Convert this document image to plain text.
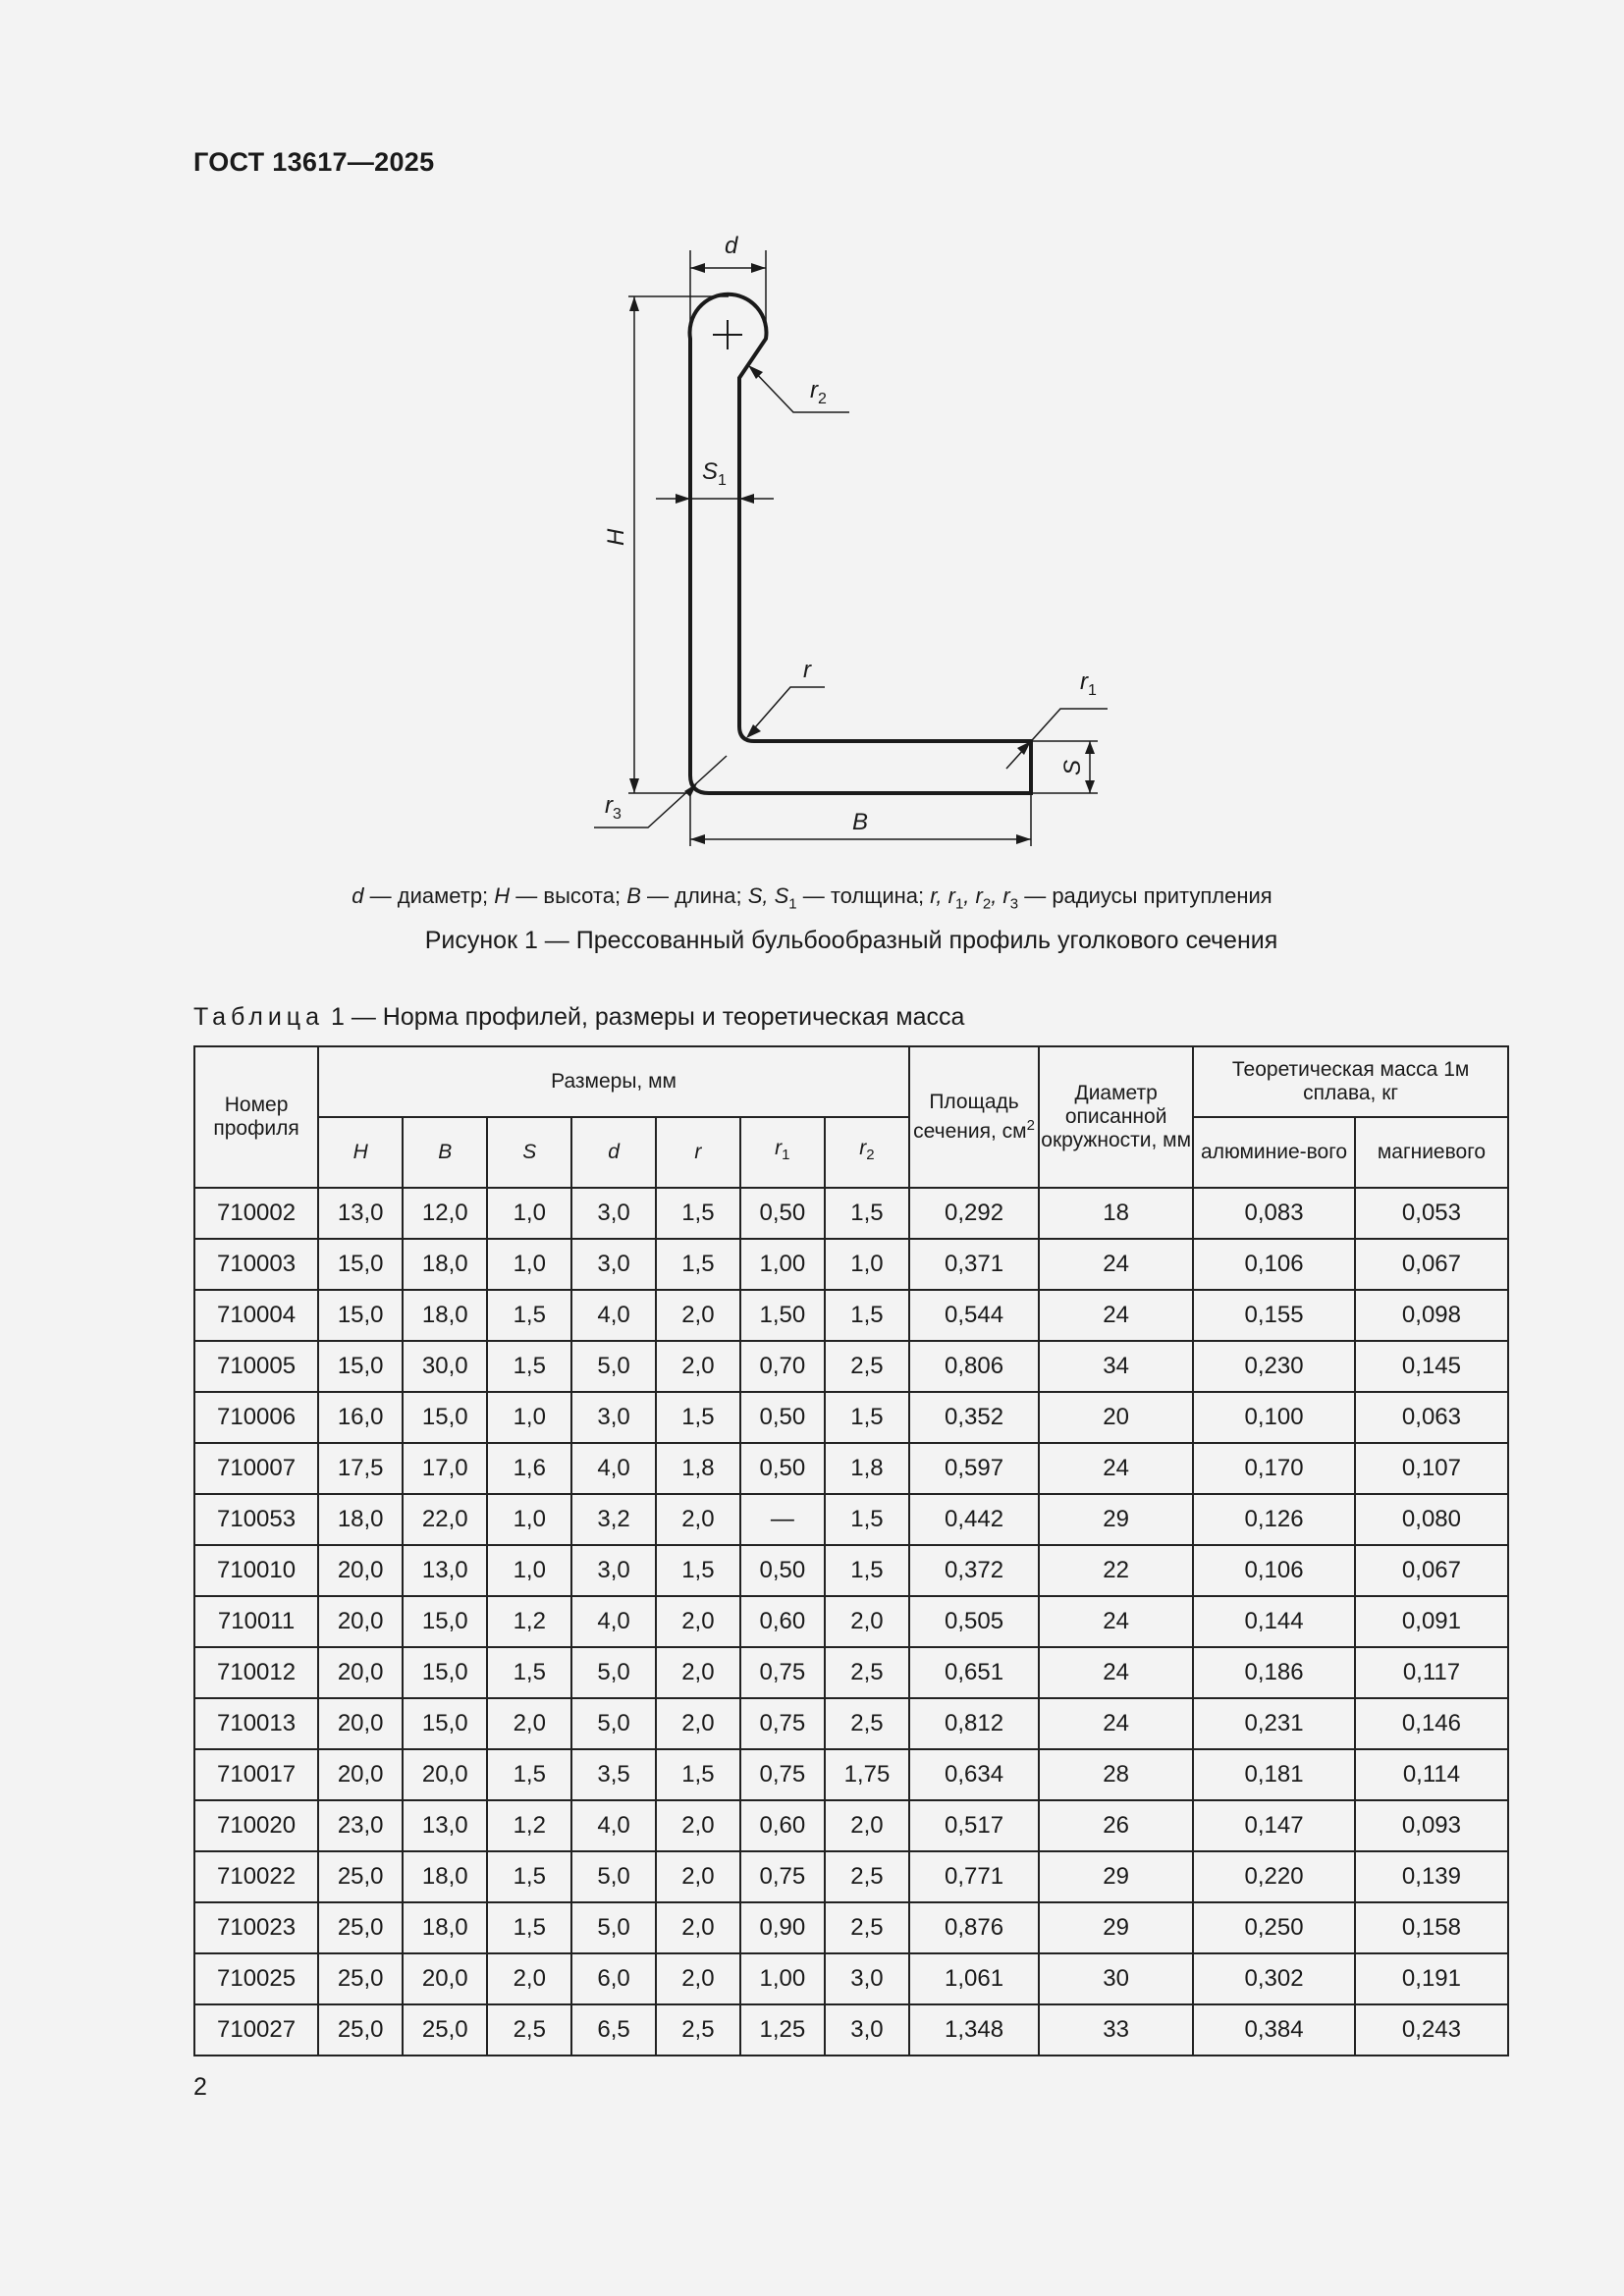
ГОСТ 13617—2025
d
$r_2$
$S_1$
H
r	$r_1$
S
$r_3$	B
d — диаметр; H — высота; B — длина; S, $S_1$ — толщина; r, $r_1$, $r_2$, $r_3$ — радиусы притупления
Рисунок 1 — Прессованный бульбообразный профиль уголкового сечения
Таблица 1 — Норма профилей, размеры и теоретическая масса
Номер профиля	Размеры, мм							Площадь сечения, $см^2$	Диаметр описанной окружности, мм	Теоретическая масса 1м сплава, кг	
	H	B	S	d	r	$r_1$	$r_2$			алюминие-вого	магниевого
710002	13,0	12,0	1,0	3,0	1,5	0,50	1,5	0,292	18	0,083	0,053
710003	15,0	18,0	1,0	3,0	1,5	1,00	1,0	0,371	24	0,106	0,067
710004	15,0	18,0	1,5	4,0	2,0	1,50	1,5	0,544	24	0,155	0,098
710005	15,0	30,0	1,5	5,0	2,0	0,70	2,5	0,806	34	0,230	0,145
710006	16,0	15,0	1,0	3,0	1,5	0,50	1,5	0,352	20	0,100	0,063
710007	17,5	17,0	1,6	4,0	1,8	0,50	1,8	0,597	24	0,170	0,107
710053	18,0	22,0	1,0	3,2	2,0	—	1,5	0,442	29	0,126	0,080
710010	20,0	13,0	1,0	3,0	1,5	0,50	1,5	0,372	22	0,106	0,067
710011	20,0	15,0	1,2	4,0	2,0	0,60	2,0	0,505	24	0,144	0,091
710012	20,0	15,0	1,5	5,0	2,0	0,75	2,5	0,651	24	0,186	0,117
710013	20,0	15,0	2,0	5,0	2,0	0,75	2,5	0,812	24	0,231	0,146
710017	20,0	20,0	1,5	3,5	1,5	0,75	1,75	0,634	28	0,181	0,114
710020	23,0	13,0	1,2	4,0	2,0	0,60	2,0	0,517	26	0,147	0,093
710022	25,0	18,0	1,5	5,0	2,0	0,75	2,5	0,771	29	0,220	0,139
710023	25,0	18,0	1,5	5,0	2,0	0,90	2,5	0,876	29	0,250	0,158
710025	25,0	20,0	2,0	6,0	2,0	1,00	3,0	1,061	30	0,302	0,191
710027	25,0	25,0	2,5	6,5	2,5	1,25	3,0	1,348	33	0,384	0,243
2
